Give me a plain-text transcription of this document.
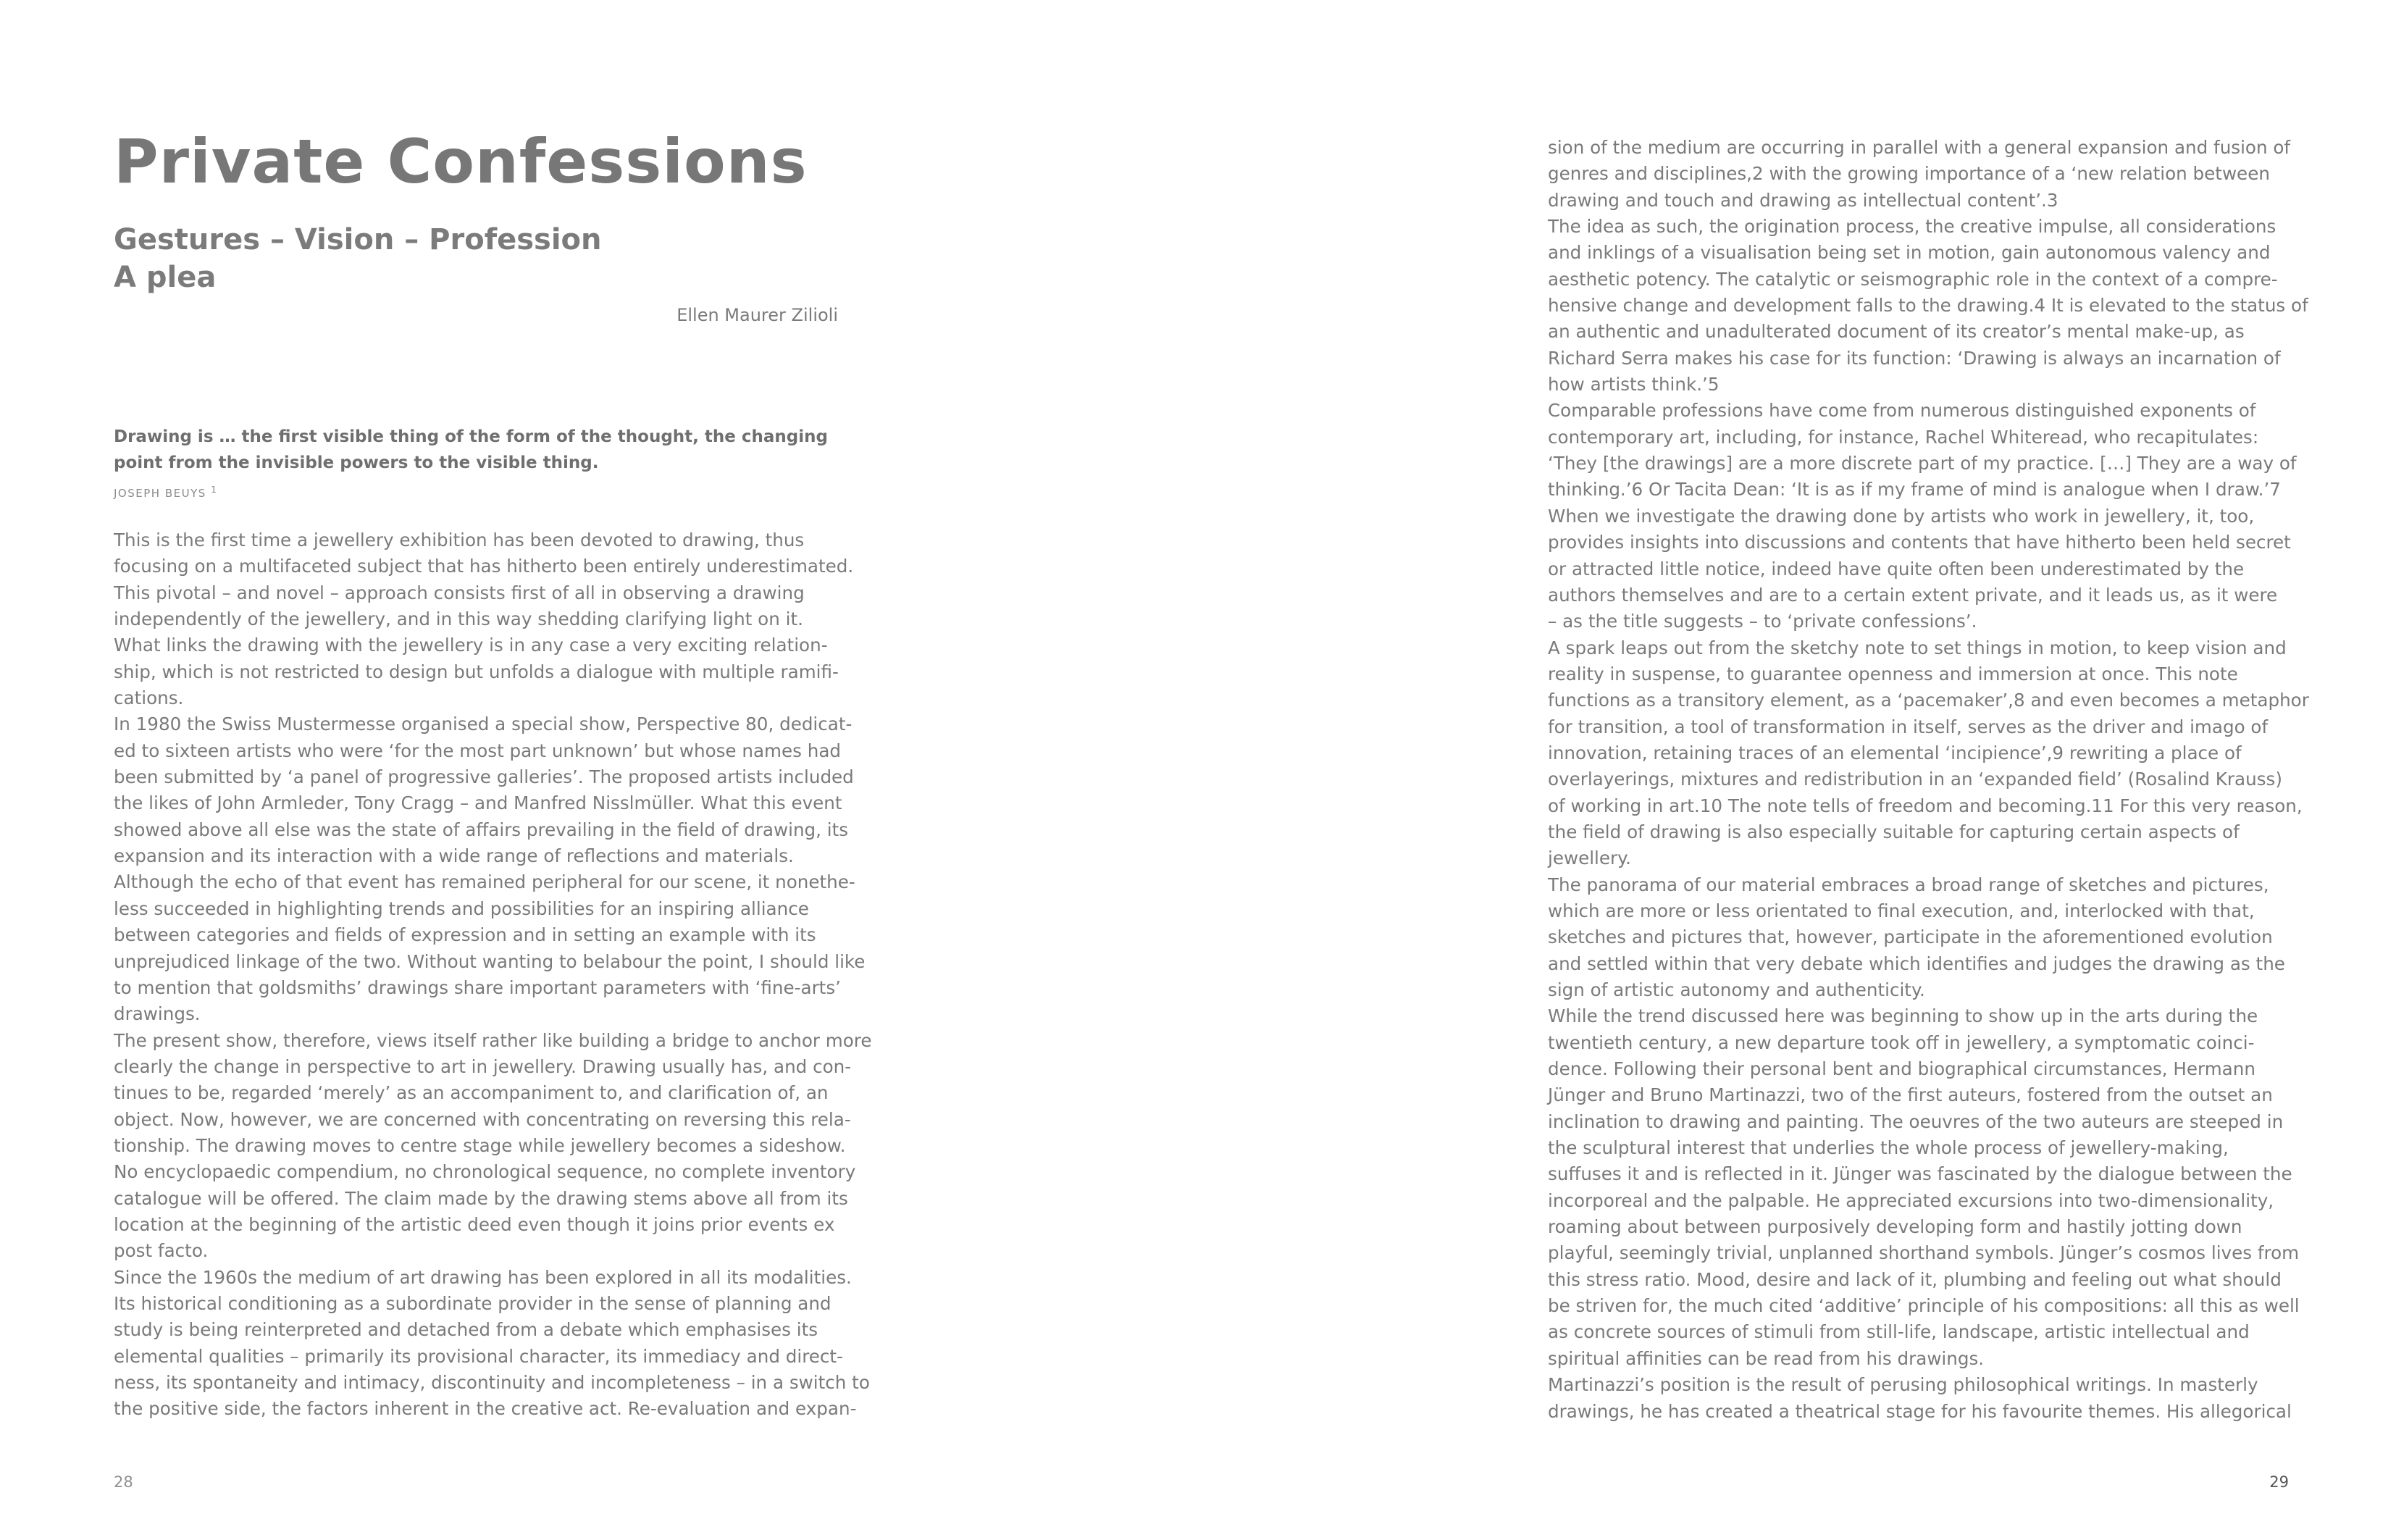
Private Confessions
Gestures – Vision – Profession
A plea
Ellen Maurer Zilioli
Drawing is … the first visible thing of the form of the thought, the changing
point from the invisible powers to the visible thing.
JOSEPH BEUYS $^1$
This is the first time a jewellery exhibition has been devoted to drawing, thus
focusing on a multifaceted subject that has hitherto been entirely underestimated.
This pivotal – and novel – approach consists first of all in observing a drawing
independently of the jewellery, and in this way shedding clarifying light on it.
What links the drawing with the jewellery is in any case a very exciting relation-
ship, which is not restricted to design but unfolds a dialogue with multiple ramifi-
cations.
In 1980 the Swiss Mustermesse organised a special show, Perspective 80, dedicat-
ed to sixteen artists who were ‘for the most part unknown’ but whose names had
been submitted by ‘a panel of progressive galleries’. The proposed artists included
the likes of John Armleder, Tony Cragg – and Manfred Nisslmüller. What this event
showed above all else was the state of affairs prevailing in the field of drawing, its
expansion and its interaction with a wide range of reflections and materials.
Although the echo of that event has remained peripheral for our scene, it nonethe-
less succeeded in highlighting trends and possibilities for an inspiring alliance
between categories and fields of expression and in setting an example with its
unprejudiced linkage of the two. Without wanting to belabour the point, I should like
to mention that goldsmiths’ drawings share important parameters with ‘fine-arts’
drawings.
The present show, therefore, views itself rather like building a bridge to anchor more
clearly the change in perspective to art in jewellery. Drawing usually has, and con-
tinues to be, regarded ‘merely’ as an accompaniment to, and clarification of, an
object. Now, however, we are concerned with concentrating on reversing this rela-
tionship. The drawing moves to centre stage while jewellery becomes a sideshow.
No encyclopaedic compendium, no chronological sequence, no complete inventory
catalogue will be offered. The claim made by the drawing stems above all from its
location at the beginning of the artistic deed even though it joins prior events ex
post facto.
Since the 1960s the medium of art drawing has been explored in all its modalities.
Its historical conditioning as a subordinate provider in the sense of planning and
study is being reinterpreted and detached from a debate which emphasises its
elemental qualities – primarily its provisional character, its immediacy and direct-
ness, its spontaneity and intimacy, discontinuity and incompleteness – in a switch to
the positive side, the factors inherent in the creative act. Re-evaluation and expan-
sion of the medium are occurring in parallel with a general expansion and fusion of
genres and disciplines,2 with the growing importance of a ‘new relation between
drawing and touch and drawing as intellectual content’.3
The idea as such, the origination process, the creative impulse, all considerations
and inklings of a visualisation being set in motion, gain autonomous valency and
aesthetic potency. The catalytic or seismographic role in the context of a compre-
hensive change and development falls to the drawing.4 It is elevated to the status of
an authentic and unadulterated document of its creator’s mental make-up, as
Richard Serra makes his case for its function: ‘Drawing is always an incarnation of
how artists think.’5
Comparable professions have come from numerous distinguished exponents of
contemporary art, including, for instance, Rachel Whiteread, who recapitulates:
‘They [the drawings] are a more discrete part of my practice. […] They are a way of
thinking.’6 Or Tacita Dean: ‘It is as if my frame of mind is analogue when I draw.’7
When we investigate the drawing done by artists who work in jewellery, it, too,
provides insights into discussions and contents that have hitherto been held secret
or attracted little notice, indeed have quite often been underestimated by the
authors themselves and are to a certain extent private, and it leads us, as it were
– as the title suggests – to ‘private confessions’.
A spark leaps out from the sketchy note to set things in motion, to keep vision and
reality in suspense, to guarantee openness and immersion at once. This note
functions as a transitory element, as a ‘pacemaker’,8 and even becomes a metaphor
for transition, a tool of transformation in itself, serves as the driver and imago of
innovation, retaining traces of an elemental ‘incipience’,9 rewriting a place of
overlayerings, mixtures and redistribution in an ‘expanded field’ (Rosalind Krauss)
of working in art.10 The note tells of freedom and becoming.11 For this very reason,
the field of drawing is also especially suitable for capturing certain aspects of
jewellery.
The panorama of our material embraces a broad range of sketches and pictures,
which are more or less orientated to final execution, and, interlocked with that,
sketches and pictures that, however, participate in the aforementioned evolution
and settled within that very debate which identifies and judges the drawing as the
sign of artistic autonomy and authenticity.
While the trend discussed here was beginning to show up in the arts during the
twentieth century, a new departure took off in jewellery, a symptomatic coinci-
dence. Following their personal bent and biographical circumstances, Hermann
Jünger and Bruno Martinazzi, two of the first auteurs, fostered from the outset an
inclination to drawing and painting. The oeuvres of the two auteurs are steeped in
the sculptural interest that underlies the whole process of jewellery-making,
suffuses it and is reflected in it. Jünger was fascinated by the dialogue between the
incorporeal and the palpable. He appreciated excursions into two-dimensionality,
roaming about between purposively developing form and hastily jotting down
playful, seemingly trivial, unplanned shorthand symbols. Jünger’s cosmos lives from
this stress ratio. Mood, desire and lack of it, plumbing and feeling out what should
be striven for, the much cited ‘additive’ principle of his compositions: all this as well
as concrete sources of stimuli from still-life, landscape, artistic intellectual and
spiritual affinities can be read from his drawings.
Martinazzi’s position is the result of perusing philosophical writings. In masterly
drawings, he has created a theatrical stage for his favourite themes. His allegorical
28	29
